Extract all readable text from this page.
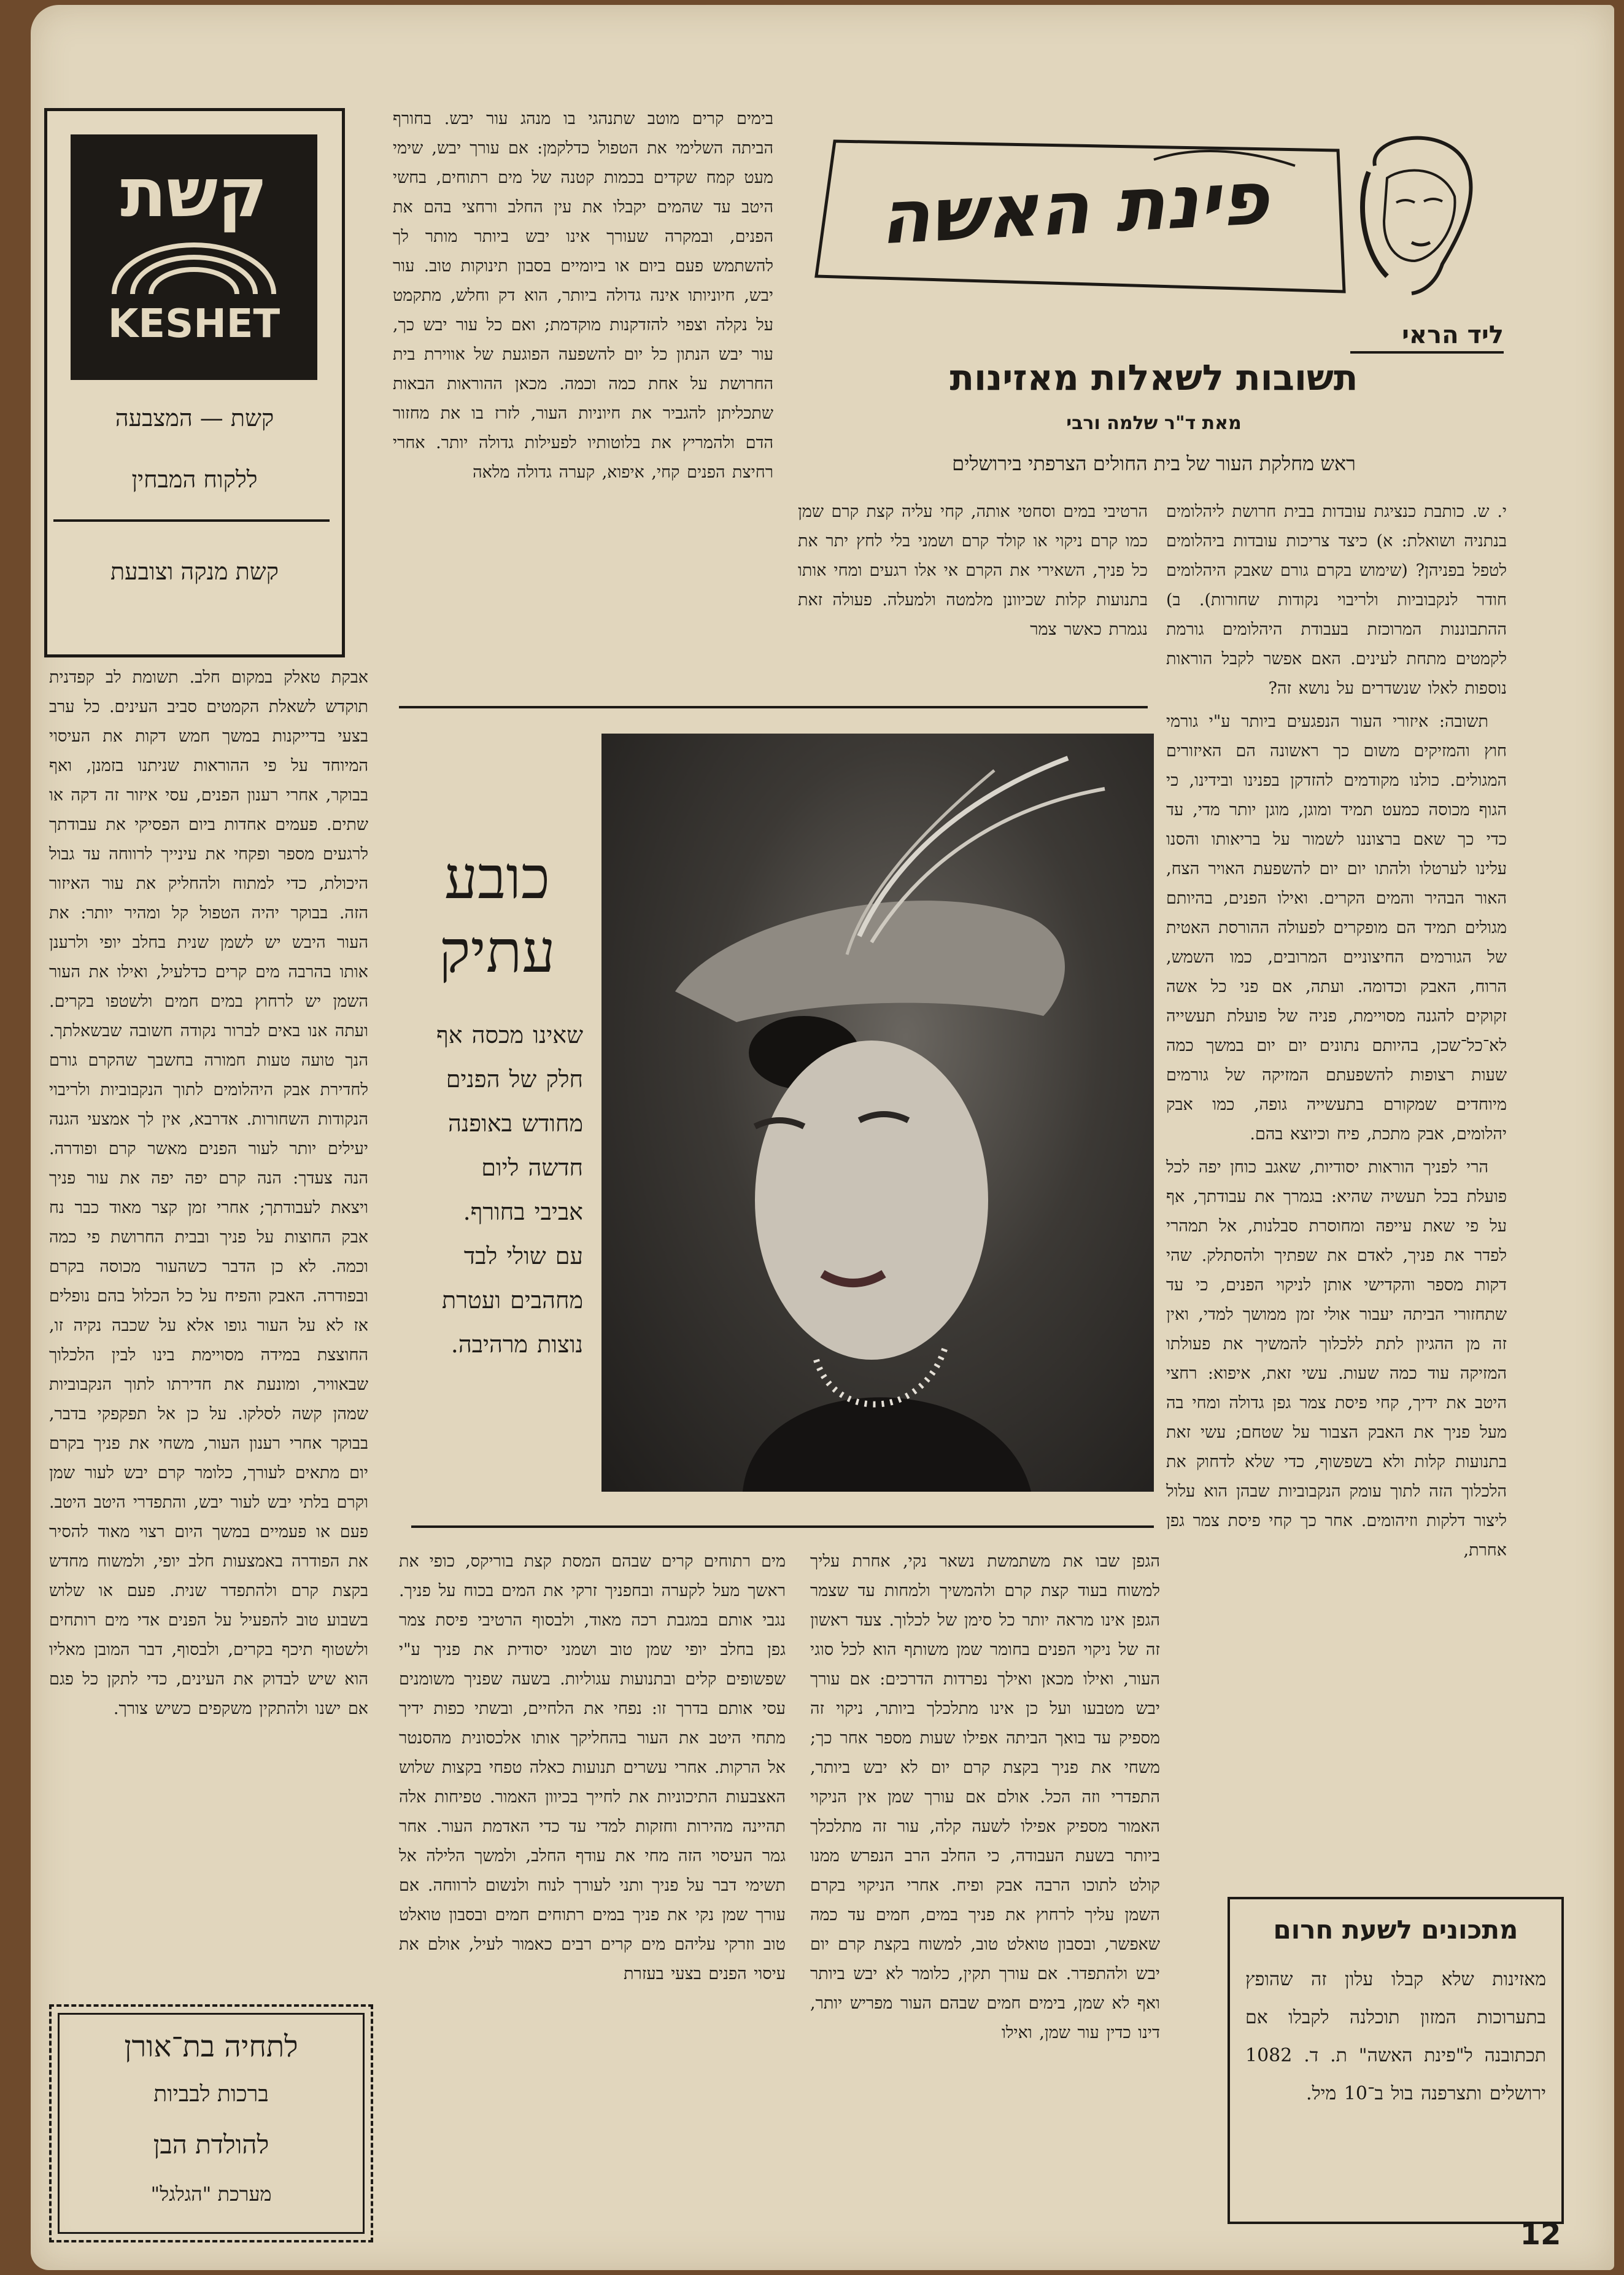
פינת האשה
ליד הראי
תשובות לשאלות מאזינות
מאת ד"ר שלמה ורבי
ראש מחלקת העור של בית החולים הצרפתי בירושלים

י. ש. כותבת כנציגת עובדות בבית חרושת ליהלומים בנתניה ושואלת: א) כיצד צריכות עובדות ביהלומים לטפל בפניהן? (שימוש בקרם גורם שאבק היהלומים חודר לנקבוביות ולריבוי נקודות שחורות). ב) ההתבוננות המרוכזת בעבודת היהלומים גורמת לקמטים מתחת לעינים. האם אפשר לקבל הוראות נוספות לאלו שנשדרים על נושא זה?

תשובה: איזורי העור הנפגעים ביותר ע"י גורמי חוץ והמזיקים משום כך ראשונה הם האיזורים המגולים. כולנו מקודמים להזדקן בפנינו ובידינו, כי הגוף מכוסה כמעט תמיד ומוגן, מוגן יותר מדי, עד כדי כך שאם ברצוננו לשמור על בריאותו והסנו עלינו לערטלו ולהתו יום יום להשפעת האויר הצח, האור הבהיר והמים הקרים. ואילו הפנים, בהיותם מגולים תמיד הם מופקרים לפעולה ההורסת האטית של הגורמים החיצוניים המרובים, כמו השמש, הרוח, האבק וכדומה. ועתה, אם פני כל אשה זקוקים להגנה מסויימת, פניה של פועלת תעשייה לא־כל־שכן, בהיותם נתונים יום יום במשך כמה שעות רצופות להשפעתם המזיקה של גורמים מיוחדים שמקורם בתעשייה גופה, כמו אבק יהלומים, אבק מתכת, פיח וכיוצא בהם.

הרי לפניך הוראות יסודיות, שאגב כוחן יפה לכל פועלת בכל תעשיה שהיא: בגמרך את עבודתך, אף על פי שאת עייפה ומחוסרת סבלנות, אל תמהרי לפדר את פניך, לאדם את שפתיך ולהסתלק. שהי דקות מספר והקדישי אותן לניקוי הפנים, כי עד שתחזורי הביתה יעבור אולי זמן ממושך למדי, ואין זה מן ההגיון לתת ללכלוך להמשיך את פעולתו המזיקה עוד כמה שעות. עשי זאת, איפוא: רחצי היטב את ידיך, קחי פיסת צמר גפן גדולה ומחי בה מעל פניך את האבק הצבור על שטחם; עשי זאת בתנועות קלות ולא בשפשוף, כדי שלא לדחוק את הלכלוך הזה לתוך עומק הנקבוביות שבהן הוא עלול ליצור דלקות וזיהומים. אחר כך קחי פיסת צמר גפן אחרת,

הרטיבי במים וסחטי אותה, קחי עליה קצת קרם שמן כמו קרם ניקוי או קולד קרם ושמני בלי לחץ יתר את כל פניך, השאירי את הקרם אי אלו רגעים ומחי אותו בתנועות קלות שכיוונן מלמטה ולמעלה. פעולה זאת נגמרת כאשר צמר

בימים קרים מוטב שתנהגי בו מנהג עור יבש. בחורף הביתה השלימי את הטפול כדלקמן: אם עורך יבש, שימי מעט קמח שקדים בכמות קטנה של מים רתוחים, בחשי היטב עד שהמים יקבלו את עין החלב ורחצי בהם את הפנים, ובמקרה שעורך אינו יבש ביותר מותר לך להשתמש פעם ביום או ביומיים בסבון תינוקות טוב. עור יבש, חיוניותו אינה גדולה ביותר, הוא דק וחלש, מתקמט על נקלה וצפוי להזדקנות מוקדמת; ואם כל עור יבש כך, עור יבש הנתון כל יום להשפעה הפוגעת של אווירת בית החרושת על אחת כמה וכמה. מכאן ההוראות הבאות שתכליתן להגביר את חיוניות העור, לזרז בו את מחזור הדם ולהמריץ את בלוטותיו לפעילות גדולה יותר. אחרי רחיצת הפנים קחי, איפוא, קערה גדולה מלאה

כובע
עתיק
שאינו מכסה אף חלק של הפנים מחודש באופנה חדשה ליום אביבי בחורף. עם שולי לבד מחהבים ועטרת נוצות מרהיבה.

הגפן שבו את משתמשת נשאר נקי, אחרת עליך למשוח בעוד קצת קרם ולהמשיך ולמחות עד שצמר הגפן אינו מראה יותר כל סימן של לכלוך. צעד ראשון זה של ניקוי הפנים בחומר שמן משותף הוא לכל סוגי העור, ואילו מכאן ואילך נפרדות הדרכים: אם עורך יבש מטבעו ועל כן אינו מתלכלך ביותר, ניקוי זה מספיק עד בואך הביתה אפילו שעות מספר אחר כך; משחי את פניך בקצת קרם יום לא יבש ביותר, התפדרי וזה הכל. אולם אם עורך שמן אין הניקוי האמור מספיק אפילו לשעה קלה, עור זה מתלכלך ביותר בשעת העבודה, כי החלב הרב הנפרש ממנו קולט לתוכו הרבה אבק ופיח. אחרי הניקוי בקרם השמן עליך לרחוץ את פניך במים, חמים עד כמה שאפשר, ובסבון טואלט טוב, למשוח בקצת קרם יום יבש ולהתפדר. אם עורך תקין, כלומר לא יבש ביותר ואף לא שמן, בימים חמים שבהם העור מפריש יותר, דינו כדין עור שמן, ואילו

מים רתוחים קרים שבהם המסת קצת בוריקס, כופי את ראשך מעל לקערה ובחפניך זרקי את המים בכוח על פניך. נגבי אותם במגבת רכה מאוד, ולבסוף הרטיבי פיסת צמר גפן בחלב יופי שמן טוב ושמני יסודית את פניך ע"י שפשופים קלים ובתנועות עגוליות. בשעה שפניך משומנים עסי אותם בדרך זו: נפחי את הלחיים, ובשתי כפות ידיך מתחי היטב את העור בהחליקך אותו אלכסונית מהסנטר אל הרקות. אחרי עשרים תנועות כאלה טפחי בקצות שלוש האצבעות התיכוניות את לחייך בכיוון האמור. טפיחות אלה תהיינה מהירות וחזקות למדי עד כדי האדמת העור. אחר גמר העיסוי הזה מחי את עודף החלב, ולמשך הלילה אל תשימי דבר על פניך ותני לעורך לנוח ולנשום לרווחה. אם עורך שמן נקי את פניך במים רתוחים חמים ובסבון טואלט טוב וזרקי עליהם מים קרים רבים כאמור לעיל, אולם את עיסוי הפנים בצעי בעזרת

אבקת טאלק במקום חלב. תשומת לב קפדנית תוקדש לשאלת הקמטים סביב העינים. כל ערב בצעי בדייקנות במשך חמש דקות את העיסוי המיוחד על פי ההוראות שניתנו בזמנן, ואף בבוקר, אחרי רענון הפנים, עסי איזור זה דקה או שתים. פעמים אחדות ביום הפסיקי את עבודתך לרגעים מספר ופקחי את עינייך לרווחה עד גבול היכולת, כדי למתוח ולהחליק את עור האיזור הזה. בבוקר יהיה הטפול קל ומהיר יותר: את העור היבש יש לשמן שנית בחלב יופי ולרענן אותו בהרבה מים קרים כדלעיל, ואילו את העור השמן יש לרחוץ במים חמים ולשטפו בקרים. ועתה אנו באים לברור נקודה חשובה שבשאלתך. הנך טועה טעות חמורה בחשבך שהקרם גורם לחדירת אבק היהלומים לתוך הנקבוביות ולריבוי הנקודות השחורות. אדרבא, אין לך אמצעי הגנה יעילים יותר לעור הפנים מאשר קרם ופודרה. הנה צעדך: הנה קרם יפה יפה את עור פניך ויצאת לעבודתך; אחרי זמן קצר מאוד כבר נח אבק החוצות על פניך ובבית החרושת פי כמה וכמה. לא כן הדבר כשהעור מכוסה בקרם ובפודרה. האבק והפיח על כל הכלול בהם נופלים אז לא על העור גופו אלא על שכבה נקיה זו, החוצצת במידה מסויימת בינו לבין הלכלוך שבאוויר, ומונעת את חדירתו לתוך הנקבוביות שמהן קשה לסלקו. על כן אל תפקפקי בדבר, בבוקר אחרי רענון העור, משחי את פניך בקרם יום מתאים לעורך, כלומר קרם יבש לעור שמן וקרם בלתי יבש לעור יבש, והתפדרי היטב היטב. פעם או פעמיים במשך היום רצוי מאוד להסיר את הפודרה באמצעות חלב יופי, ולמשוח מחדש בקצת קרם ולהתפדר שנית. פעם או שלוש בשבוע טוב להפעיל על הפנים אדי מים רותחים ולשטוף תיכף בקרים, ולבסוף, דבר המובן מאליו הוא שיש לבדוק את העינים, כדי לתקן כל פגם אם ישנו ולהתקין משקפים כשיש צורך.

קשת
KESHET
קשת — המצבעה
ללקוח המבחין
קשת מנקה וצובעת
מתכונים לשעת חרום
מאזינות שלא קבלו עלון זה שהופץ בתערוכות המזון תוכלנה לקבלו אם תכתובנה ל"פינת האשה" ת. ד. 1082 ירושלים ותצרפנה בול ב־10 מיל.
לתחיה בת־אורן
ברכות לבביות
להולדת הבן
מערכת "הגלגל"
12
